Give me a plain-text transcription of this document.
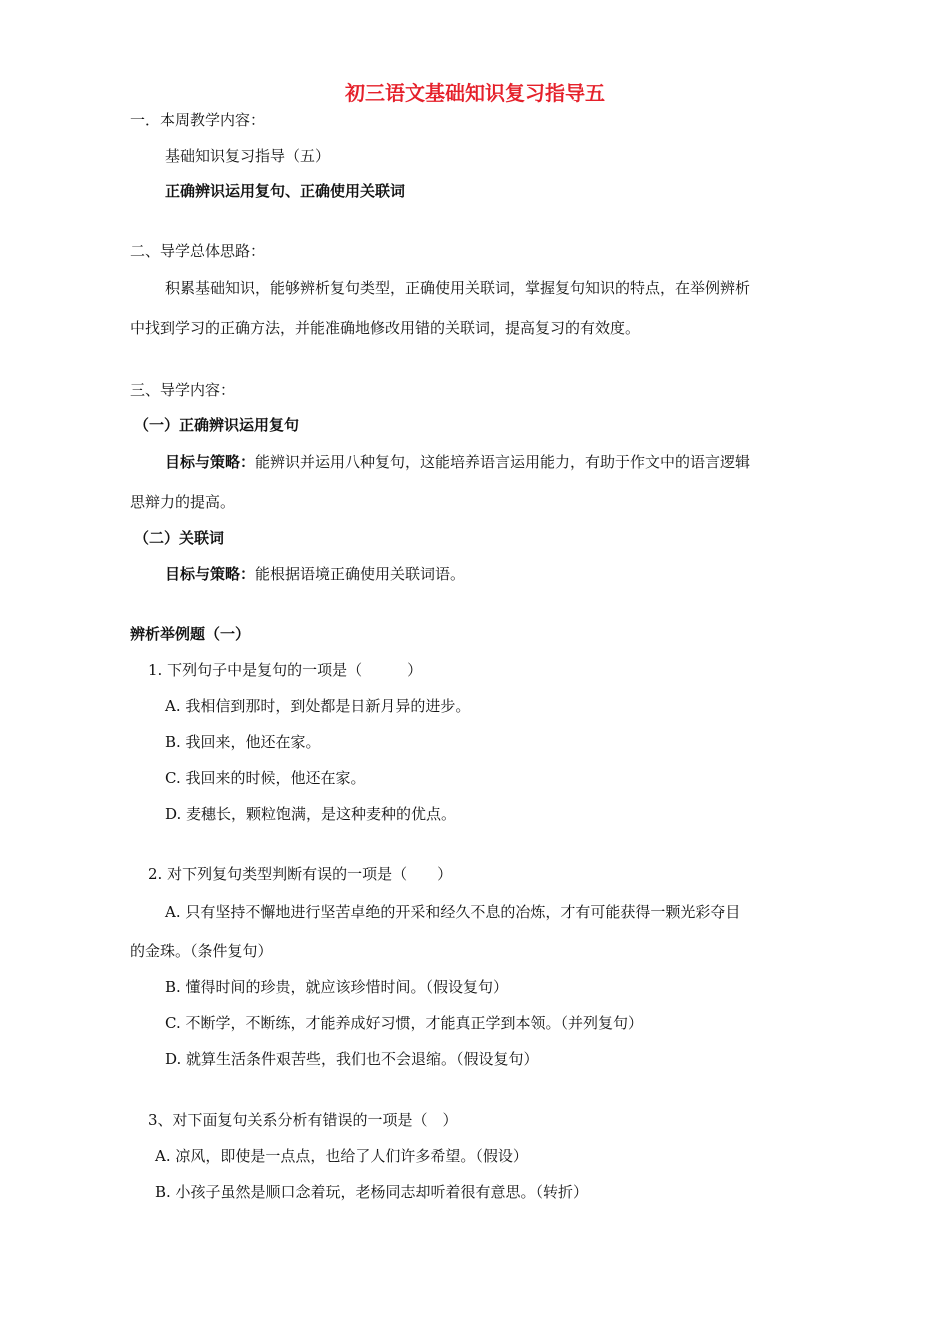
初三语文基础知识复习指导五
一．本周教学内容：
基础知识复习指导（五）
正确辨识运用复句、正确使用关联词
二、导学总体思路：
积累基础知识，能够辨析复句类型，正确使用关联词，掌握复句知识的特点，在举例辨析
中找到学习的正确方法，并能准确地修改用错的关联词，提高复习的有效度。
三、导学内容：
（一）正确辨识运用复句
目标与策略：能辨识并运用八种复句，这能培养语言运用能力，有助于作文中的语言逻辑
思辩力的提高。
（二）关联词
目标与策略：能根据语境正确使用关联词语。
辨析举例题（一）
1. 下列句子中是复句的一项是（　　　）
A. 我相信到那时，到处都是日新月异的进步。
B. 我回来，他还在家。
C. 我回来的时候，他还在家。
D. 麦穗长，颗粒饱满，是这种麦种的优点。
2. 对下列复句类型判断有误的一项是（　　）
A. 只有坚持不懈地进行坚苦卓绝的开采和经久不息的冶炼，才有可能获得一颗光彩夺目
的金珠。（条件复句）
B. 懂得时间的珍贵，就应该珍惜时间。（假设复句）
C. 不断学，不断练，才能养成好习惯，才能真正学到本领。（并列复句）
D. 就算生活条件艰苦些，我们也不会退缩。（假设复句）
3、对下面复句关系分析有错误的一项是（　）
A. 凉风，即使是一点点，也给了人们许多希望。（假设）
B. 小孩子虽然是顺口念着玩，老杨同志却听着很有意思。（转折）
